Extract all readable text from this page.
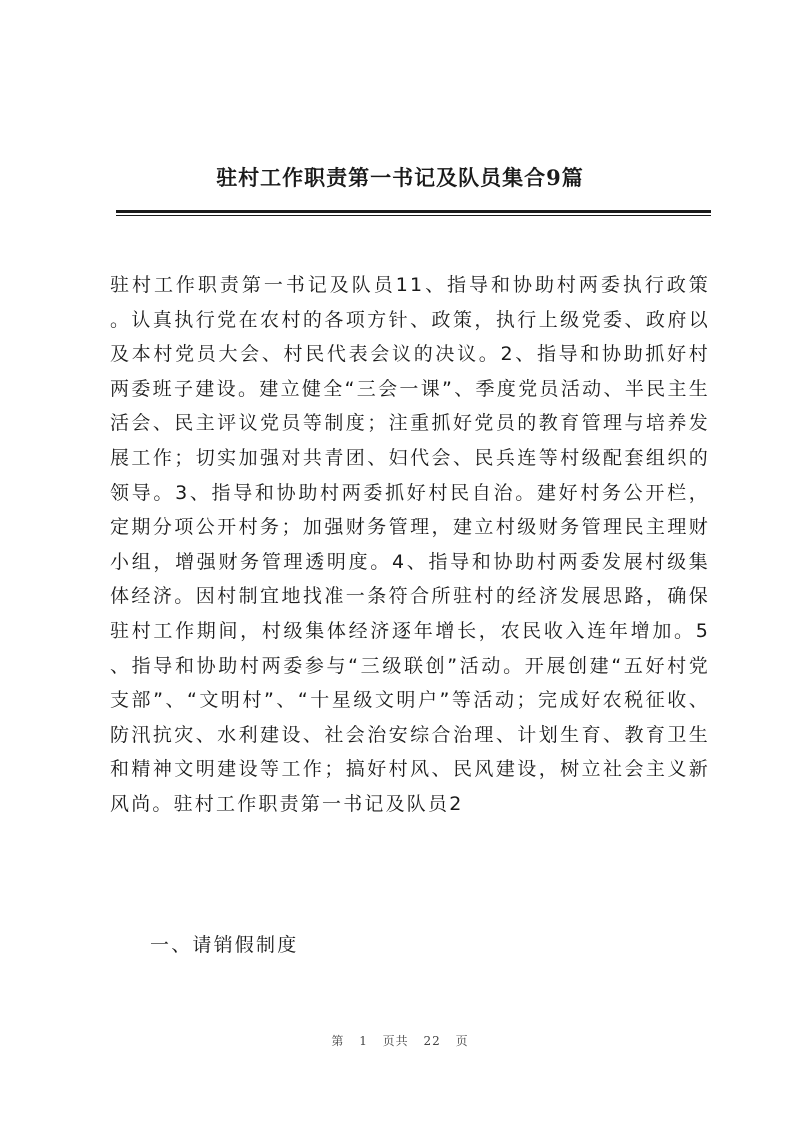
驻村工作职责第一书记及队员集合9篇

驻村工作职责第一书记及队员11、指导和协助村两委执行政策。认真执行党在农村的各项方针、政策，执行上级党委、政府以及本村党员大会、村民代表会议的决议。2、指导和协助抓好村两委班子建设。建立健全“三会一课”、季度党员活动、半民主生活会、民主评议党员等制度；注重抓好党员的教育管理与培养发展工作；切实加强对共青团、妇代会、民兵连等村级配套组织的领导。3、指导和协助村两委抓好村民自治。建好村务公开栏，定期分项公开村务；加强财务管理，建立村级财务管理民主理财小组，增强财务管理透明度。4、指导和协助村两委发展村级集体经济。因村制宜地找准一条符合所驻村的经济发展思路，确保驻村工作期间，村级集体经济逐年增长，农民收入连年增加。5、指导和协助村两委参与“三级联创”活动。开展创建“五好村党支部”、“文明村”、“十星级文明户”等活动；完成好农税征收、防汛抗灾、水利建设、社会治安综合治理、计划生育、教育卫生和精神文明建设等工作；搞好村风、民风建设，树立社会主义新风尚。驻村工作职责第一书记及队员2

一、请销假制度

第 1 页共 22 页
